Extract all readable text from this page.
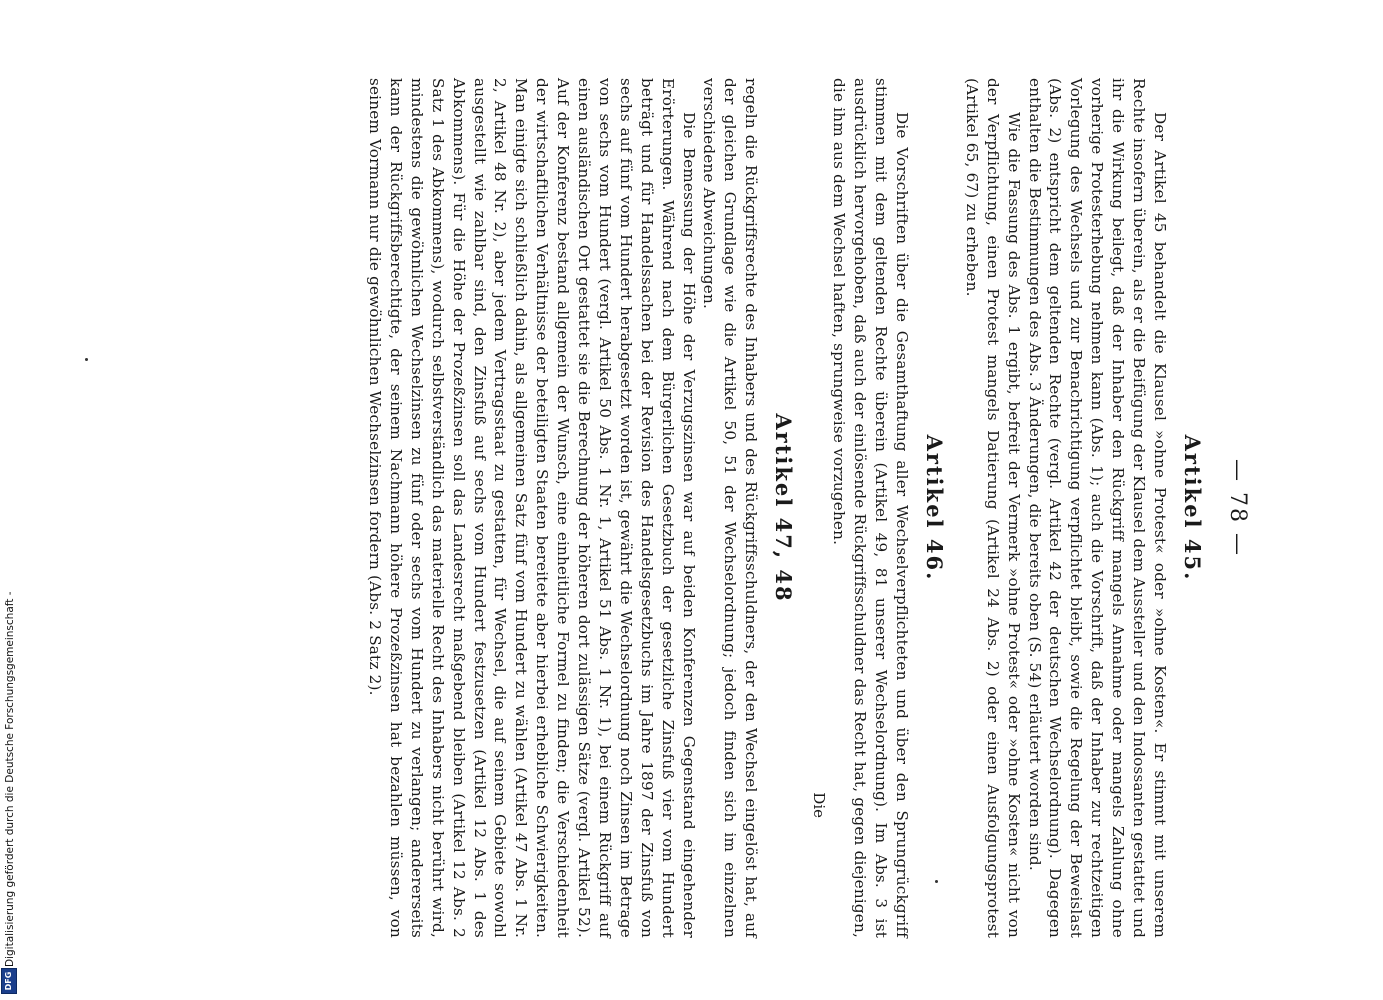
— 78 —
Artikel 45.

Der Artikel 45 behandelt die Klausel »ohne Protest« oder »ohne Kosten«. Er stimmt mit unserem Rechte insofern überein, als er die Beifügung der Klausel dem Aussteller und den Indossanten gestattet und ihr die Wirkung beilegt, daß der Inhaber den Rückgriff mangels Annahme oder mangels Zahlung ohne vorherige Protesterhebung nehmen kann (Abs. 1); auch die Vorschrift, daß der Inhaber zur rechtzeitigen Vorlegung des Wechsels und zur Benachrichtigung verpflichtet bleibt, sowie die Regelung der Beweislast (Abs. 2) entspricht dem geltenden Rechte (vergl. Artikel 42 der deutschen Wechselordnung). Dagegen enthalten die Bestimmungen des Abs. 3 Änderungen, die bereits oben (S. 54) erläutert worden sind.

Wie die Fassung des Abs. 1 ergibt, befreit der Vermerk »ohne Protest« oder »ohne Kosten« nicht von der Verpflichtung, einen Protest mangels Datierung (Artikel 24 Abs. 2) oder einen Ausfolgungsprotest (Artikel 65, 67) zu erheben.

Artikel 46.

Die Vorschriften über die Gesamthaftung aller Wechselverpflichteten und über den Sprungrückgriff stimmen mit dem geltenden Rechte überein (Artikel 49, 81 unserer Wechselordnung). Im Abs. 3 ist ausdrücklich hervorgehoben, daß auch der einlösende Rückgriffsschuldner das Recht hat, gegen diejenigen, die ihm aus dem Wechsel haften, sprungweise vorzugehen.

Die
Artikel 47, 48

regeln die Rückgriffsrechte des Inhabers und des Rückgriffsschuldners, der den Wechsel eingelöst hat, auf der gleichen Grundlage wie die Artikel 50, 51 der Wechselordnung; jedoch finden sich im einzelnen verschiedene Abweichungen.

Die Bemessung der Höhe der Verzugszinsen war auf beiden Konferenzen Gegenstand eingehender Erörterungen. Während nach dem Bürgerlichen Gesetzbuch der gesetzliche Zinsfuß vier vom Hundert beträgt und für Handelssachen bei der Revision des Handelsgesetzbuchs im Jahre 1897 der Zinsfuß von sechs auf fünf vom Hundert herabgesetzt worden ist, gewährt die Wechselordnung noch Zinsen im Betrage von sechs vom Hundert (vergl. Artikel 50 Abs. 1 Nr. 1, Artikel 51 Abs. 1 Nr. 1), bei einem Rückgriff auf einen ausländischen Ort gestattet sie die Berechnung der höheren dort zulässigen Sätze (vergl. Artikel 52). Auf der Konferenz bestand allgemein der Wunsch, eine einheitliche Formel zu finden; die Verschiedenheit der wirtschaftlichen Verhältnisse der beteiligten Staaten bereitete aber hierbei erhebliche Schwierigkeiten. Man einigte sich schließlich dahin, als allgemeinen Satz fünf vom Hundert zu wählen (Artikel 47 Abs. 1 Nr. 2, Artikel 48 Nr. 2), aber jedem Vertragsstaat zu gestatten, für Wechsel, die auf seinem Gebiete sowohl ausgestellt wie zahlbar sind, den Zinsfuß auf sechs vom Hundert festzusetzen (Artikel 12 Abs. 1 des Abkommens). Für die Höhe der Prozeßzinsen soll das Landesrecht maßgebend bleiben (Artikel 12 Abs. 2 Satz 1 des Abkommens), wodurch selbstverständlich das materielle Recht des Inhabers nicht berührt wird, mindestens die gewöhnlichen Wechselzinsen zu fünf oder sechs vom Hundert zu verlangen; andererseits kann der Rückgriffsberechtigte, der seinem Nachmann höhere Prozeßzinsen hat bezahlen müssen, von seinem Vormann nur die gewöhnlichen Wechselzinsen fordern (Abs. 2 Satz 2).

Digitalisierung gefördert durch die Deutsche Forschungsgemeinschaft -
DFG
